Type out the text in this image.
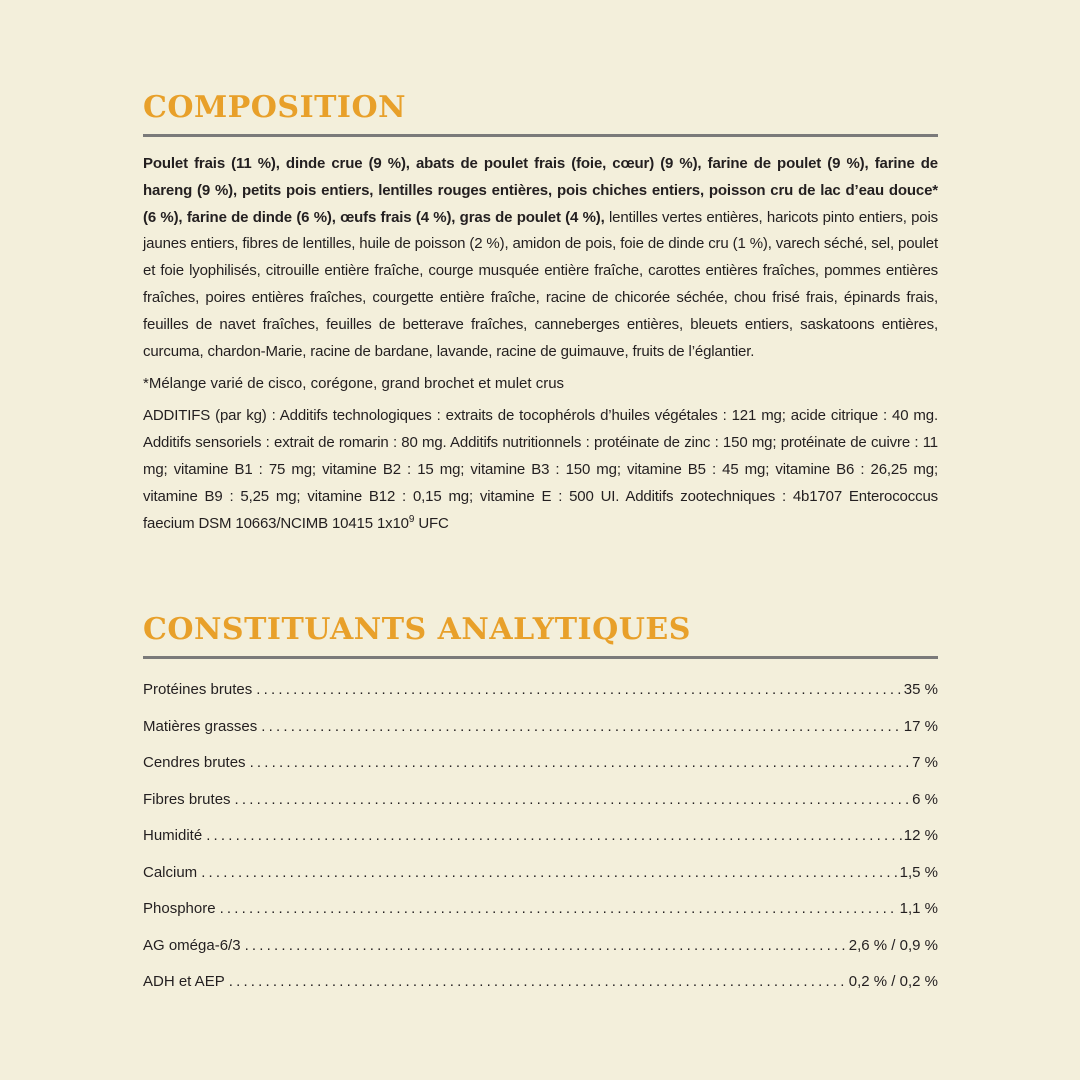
COMPOSITION

Poulet frais (11 %), dinde crue (9 %), abats de poulet frais (foie, cœur) (9 %), farine de poulet (9 %), farine de hareng (9 %), petits pois entiers, lentilles rouges entières, pois chiches entiers, poisson cru de lac d’eau douce* (6 %), farine de dinde (6 %), œufs frais (4 %), gras de poulet (4 %), lentilles vertes entières, haricots pinto entiers, pois jaunes entiers, fibres de lentilles, huile de poisson (2 %), amidon de pois, foie de dinde cru (1 %), varech séché, sel, poulet et foie lyophilisés, citrouille entière fraîche, courge musquée entière fraîche, carottes entières fraîches, pommes entières fraîches, poires entières fraîches, courgette entière fraîche, racine de chicorée séchée, chou frisé frais, épinards frais, feuilles de navet fraîches, feuilles de betterave fraîches, canneberges entières, bleuets entiers, saskatoons entières, curcuma, chardon-Marie, racine de bardane, lavande, racine de guimauve, fruits de l’églantier.

*Mélange varié de cisco, corégone, grand brochet et mulet crus
ADDITIFS (par kg) : Additifs technologiques : extraits de tocophérols d’huiles végétales : 121 mg; acide citrique : 40 mg. Additifs sensoriels : extrait de romarin : 80 mg. Additifs nutritionnels : protéinate de zinc : 150 mg; protéinate de cuivre : 11 mg; vitamine B1 : 75 mg; vitamine B2 : 15 mg; vitamine B3 : 150 mg; vitamine B5 : 45 mg; vitamine B6 : 26,25 mg; vitamine B9 : 5,25 mg; vitamine B12 : 0,15 mg; vitamine E : 500 UI. Additifs zootechniques : 4b1707 Enterococcus faecium DSM 10663/NCIMB 10415 $1x10^9$ UFC
CONSTITUANTS ANALYTIQUES
Protéines brutes .....	35 %
Matières grasses .....	17 %
Cendres brutes .....	7 %
Fibres brutes .....	6 %
Humidité .....	12 %
Calcium .....	1,5 %
Phosphore .....	1,1 %
AG oméga-6/3 .....	2,6 % / 0,9 %
ADH et AEP .....	0,2 % / 0,2 %
